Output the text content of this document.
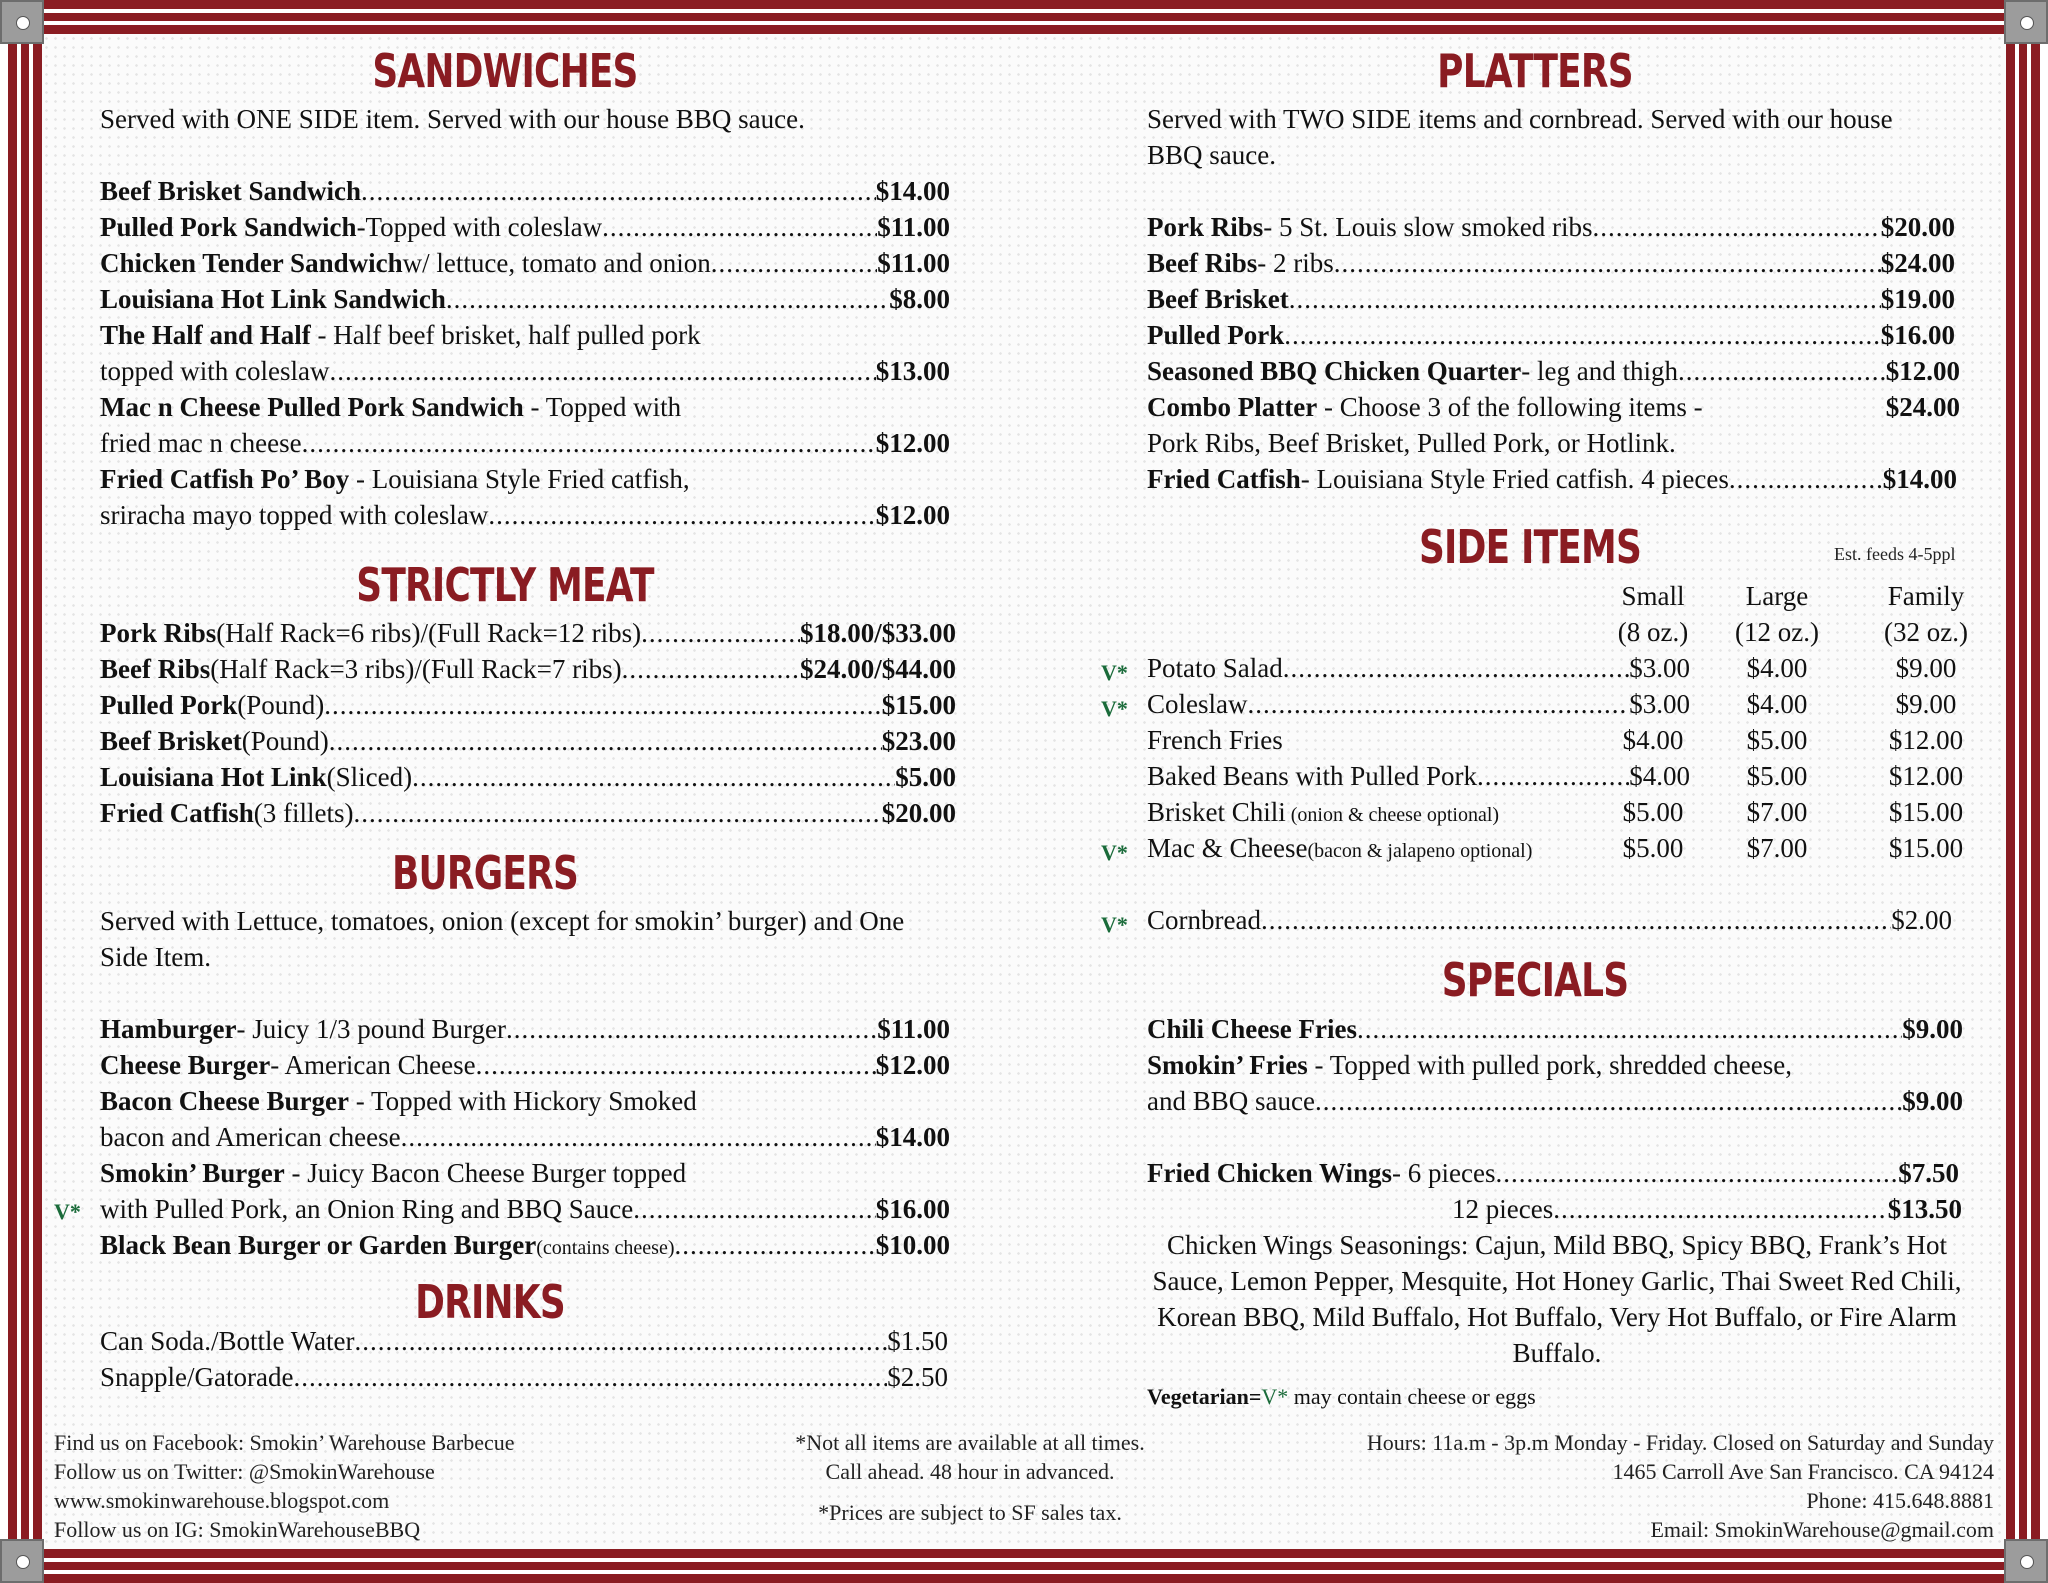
SANDWICHES
Served with ONE SIDE item. Served with our house BBQ sauce.
Beef Brisket Sandwich .....	$14.00
Pulled Pork Sandwich -Topped with coleslaw .....	$11.00
Chicken Tender Sandwich w/ lettuce, tomato and onion .....	$11.00
Louisiana Hot Link Sandwich .....	$8.00
The Half and Half - Half beef brisket, half pulled pork
topped with coleslaw .....	$13.00
Mac n Cheese Pulled Pork Sandwich - Topped with
fried mac n cheese .....	$12.00
Fried Catfish Po’ Boy - Louisiana Style Fried catfish,
sriracha mayo topped with coleslaw .....	$12.00
STRICTLY MEAT
Pork Ribs (Half Rack=6 ribs)/(Full Rack=12 ribs) .....	$18.00/$33.00
Beef Ribs (Half Rack=3 ribs)/(Full Rack=7 ribs) .....	$24.00/$44.00
Pulled Pork (Pound) .....	$15.00
Beef Brisket (Pound) .....	$23.00
Louisiana Hot Link (Sliced) .....	$5.00
Fried Catfish (3 fillets) .....	$20.00
BURGERS
Served with Lettuce, tomatoes, onion (except for smokin’ burger) and One Side Item.
Hamburger - Juicy 1/3 pound Burger .....	$11.00
Cheese Burger - American Cheese .....	$12.00
Bacon Cheese Burger - Topped with Hickory Smoked
bacon and American cheese .....	$14.00
Smokin’ Burger - Juicy Bacon Cheese Burger topped
V* with Pulled Pork, an Onion Ring and BBQ Sauce .....	$16.00
Black Bean Burger or Garden Burger (contains cheese) .....	$10.00
DRINKS
Can Soda./Bottle Water .....	$1.50
Snapple/Gatorade .....	$2.50
PLATTERS
Served with TWO SIDE items and cornbread. Served with our house BBQ sauce.
Pork Ribs - 5 St. Louis slow smoked ribs .....	$20.00
Beef Ribs - 2 ribs .....	$24.00
Beef Brisket .....	$19.00
Pulled Pork .....	$16.00
Seasoned BBQ Chicken Quarter - leg and thigh .....	$12.00
Combo Platter - Choose 3 of the following items -	$24.00
Pork Ribs, Beef Brisket, Pulled Pork, or Hotlink.
Fried Catfish - Louisiana Style Fried catfish. 4 pieces .....	$14.00
SIDE ITEMS	Est. feeds 4-5ppl
Small
(8 oz.)
Large
(12 oz.)
Family
(32 oz.)
V* Potato Salad .....	$3.00	$4.00	$9.00
V* Coleslaw .....	$3.00	$4.00	$9.00
French Fries	$4.00	$5.00	$12.00
Baked Beans with Pulled Pork .....	$4.00	$5.00	$12.00
Brisket Chili (onion & cheese optional)	$5.00	$7.00	$15.00
V* Mac & Cheese(bacon & jalapeno optional)	$5.00	$7.00	$15.00
V* Cornbread .....	$2.00
SPECIALS
Chili Cheese Fries .....	$9.00
Smokin’ Fries - Topped with pulled pork, shredded cheese,
and BBQ sauce .....	$9.00
Fried Chicken Wings - 6 pieces .....	$7.50
12 pieces .....	$13.50
Chicken Wings Seasonings: Cajun, Mild BBQ, Spicy BBQ, Frank’s Hot Sauce, Lemon Pepper, Mesquite, Hot Honey Garlic, Thai Sweet Red Chili, Korean BBQ, Mild Buffalo, Hot Buffalo, Very Hot Buffalo, or Fire Alarm Buffalo.
Vegetarian=V* may contain cheese or eggs
Find us on Facebook: Smokin’ Warehouse Barbecue
Follow us on Twitter: @SmokinWarehouse
www.smokinwarehouse.blogspot.com
Follow us on IG: SmokinWarehouseBBQ
*Not all items are available at all times.
Call ahead. 48 hour in advanced.
*Prices are subject to SF sales tax.
Hours: 11a.m - 3p.m Monday - Friday. Closed on Saturday and Sunday
1465 Carroll Ave San Francisco. CA 94124
Phone: 415.648.8881
Email: SmokinWarehouse@gmail.com
